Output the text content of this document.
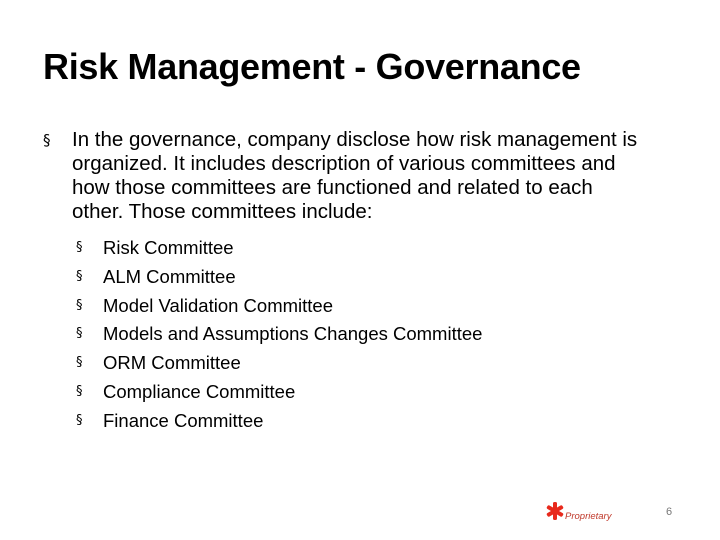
Risk Management - Governance
§ In the governance, company disclose how risk management is organized. It includes description of various committees and how those committees are functioned and related to each other. Those committees include:
§ Risk Committee
§ ALM Committee
§ Model Validation Committee
§ Models and Assumptions Changes Committee
§ ORM Committee
§ Compliance Committee
§ Finance Committee
Proprietary	6
